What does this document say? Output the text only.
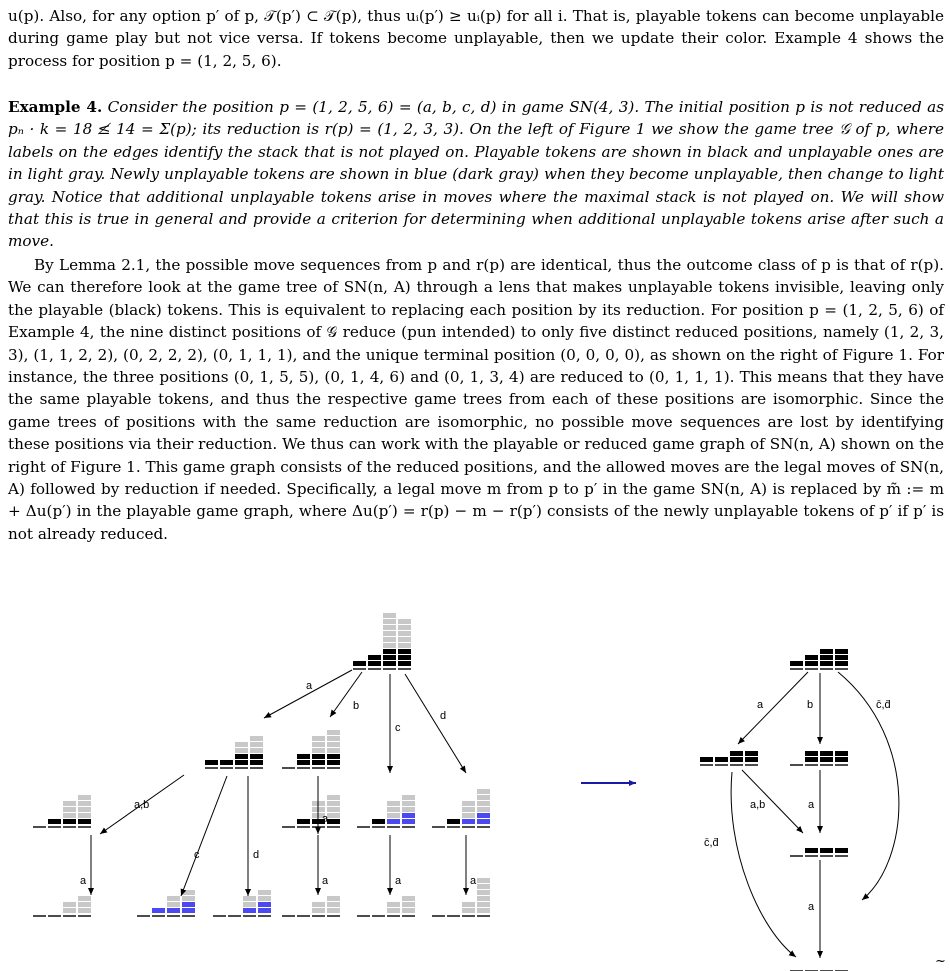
u(p). Also, for any option p′ of p, 𝒯(p′) ⊂ 𝒯(p), thus uᵢ(p′) ≥ uᵢ(p) for all i. That is, playable tokens can become unplayable during game play but not vice versa. If tokens become unplayable, then we update their color. Example 4 shows the process for position p = (1, 2, 5, 6).

Example 4. Consider the position p = (1, 2, 5, 6) = (a, b, c, d) in game SN(4, 3). The initial position p is not reduced as pₙ · k = 18 ≰ 14 = Σ(p); its reduction is r(p) = (1, 2, 3, 3). On the left of Figure 1 we show the game tree 𝒢 of p, where labels on the edges identify the stack that is not played on. Playable tokens are shown in black and unplayable ones are in light gray. Newly unplayable tokens are shown in blue (dark gray) when they become unplayable, then change to light gray. Notice that additional unplayable tokens arise in moves where the maximal stack is not played on. We will show that this is true in general and provide a criterion for determining when additional unplayable tokens arise after such a move.

By Lemma 2.1, the possible move sequences from p and r(p) are identical, thus the outcome class of p is that of r(p). We can therefore look at the game tree of SN(n, A) through a lens that makes unplayable tokens invisible, leaving only the playable (black) tokens. This is equivalent to replacing each position by its reduction. For position p = (1, 2, 5, 6) of Example 4, the nine distinct positions of 𝒢 reduce (pun intended) to only five distinct reduced positions, namely (1, 2, 3, 3), (1, 1, 2, 2), (0, 2, 2, 2), (0, 1, 1, 1), and the unique terminal position (0, 0, 0, 0), as shown on the right of Figure 1. For instance, the three positions (0, 1, 5, 5), (0, 1, 4, 6) and (0, 1, 3, 4) are reduced to (0, 1, 1, 1). This means that they have the same playable tokens, and thus the respective game trees from each of these positions are isomorphic. Since the game trees of positions with the same reduction are isomorphic, no possible move sequences are lost by identifying these positions via their reduction. We thus can work with the playable or reduced game graph of SN(n, A) shown on the right of Figure 1. This game graph consists of the reduced positions, and the allowed moves are the legal moves of SN(n, A) followed by reduction if needed. Specifically, a legal move m from p to p′ in the game SN(n, A) is replaced by m̃ := m + Δu(p′) in the playable game graph, where Δu(p′) = r(p) − m − r(p′) consists of the newly unplayable tokens of p′ if p′ is not already reduced.

a
b
c
d
a,b
c	d
a
a	a	a	a
a	b	c̄,d̄
a,b	a
c̄,d̄
a
~
